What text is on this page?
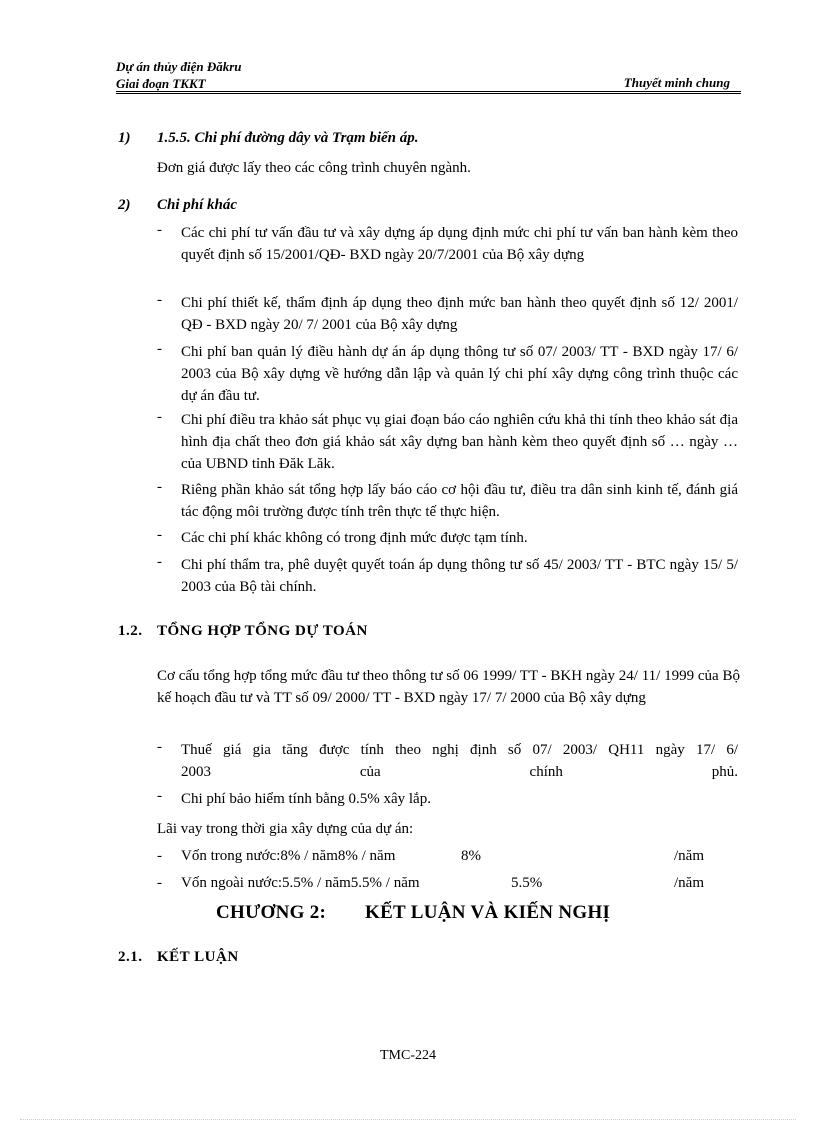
Dự án thủy điện Đăkru
Giai đoạn TKKT	Thuyết minh chung
1) 1.5.5. Chi phí đường dây và Trạm biến áp.
Đơn giá được lấy theo các công trình chuyên ngành.
2) Chi phí khác
- Các chi phí tư vấn đầu tư và xây dựng áp dụng định mức chi phí tư vấn ban hành kèm theo quyết định số 15/2001/QĐ- BXD ngày 20/7/2001 của Bộ xây dựng
- Chi phí thiết kế, thẩm định áp dụng theo định mức ban hành theo quyết định số 12/ 2001/ QĐ - BXD ngày 20/ 7/ 2001 của Bộ xây dựng
- Chi phí ban quản lý điều hành dự án áp dụng thông tư số 07/ 2003/ TT - BXD ngày 17/ 6/ 2003 của Bộ xây dựng về hướng dẫn lập và quản lý chi phí xây dựng công trình thuộc các dự án đầu tư.
- Chi phí điều tra khảo sát phục vụ giai đoạn báo cáo nghiên cứu khả thi tính theo khảo sát địa hình địa chất theo đơn giá khảo sát xây dựng ban hành kèm theo quyết định số … ngày … của UBND tỉnh Đăk Lăk.
- Riêng phần khảo sát tổng hợp lấy báo cáo cơ hội đầu tư, điều tra dân sinh kinh tế, đánh giá tác động môi trường được tính trên thực tế thực hiện.
- Các chi phí khác không có trong định mức được tạm tính.
- Chi phí thẩm tra, phê duyệt quyết toán áp dụng thông tư số 45/ 2003/ TT - BTC ngày 15/ 5/ 2003 của Bộ tài chính.
1.2. TỔNG HỢP TỔNG DỰ TOÁN
Cơ cấu tổng hợp tổng mức đầu tư theo thông tư số 06 1999/ TT - BKH ngày 24/ 11/ 1999 của Bộ kế hoạch đầu tư và TT số 09/ 2000/ TT - BXD ngày 17/ 7/ 2000 của Bộ xây dựng
- Thuế giá gia tăng được tính theo nghị định số 07/ 2003/ QH11 ngày 17/ 6/
2003 của chính phủ.
- Chi phí bảo hiểm tính bằng 0.5% xây lắp.
Lãi vay trong thời gia xây dựng của dự án:
- Vốn trong nước:8% / năm8% / năm	8%	/năm
- Vốn ngoài nước:5.5% / năm5.5% / năm	5.5%	/năm
CHƯƠNG 2: KẾT LUẬN VÀ KIẾN NGHỊ
2.1. KẾT LUẬN
TMC-224
